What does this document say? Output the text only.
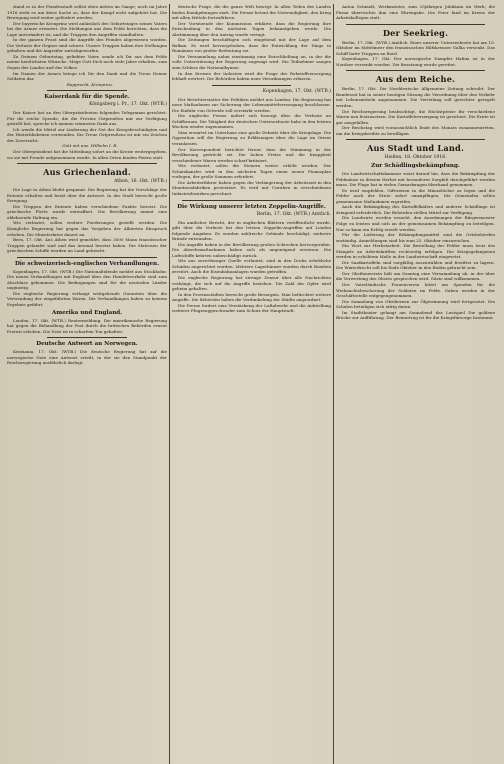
stand es in der Feindesstadt selbst eben mitten im Gange; noch im Jahre 1916 steht es um diese Sache so, dass der Kampf nicht aufgehört hat. Die Bewegung wird weiter gefördert werden.

Der bayerische Kronprinz wird anlässlich des Geburtstages seines Vaters bei der Armee erwartet. Die Meldungen aus dem Felde berichten, dass die Lage unverändert ist, und die Truppen den Angriffen standhalten.

In der ganzen Front sind die Angriffe des Feindes abgewiesen worden. Die Verluste der Gegner sind schwer. Unsere Truppen haben ihre Stellungen gehalten und die Angreifer zurückgeworfen.

Zu Deinem Geburtstag, geliebter Vater, sende ich Dir aus dem Felde meine herzlichsten Wünsche. Möge Gott Dich noch viele Jahre erhalten, zum Segen des Landes und des Volkes.

Im Namen der Armee bringe ich Dir den Dank und die Treue Deiner Soldaten dar.

Rupprecht, Kronprinz.

Kaiserdank für die Spende.
Königsberg i. Pr., 17. Okt. (WTB.)

Der Kaiser hat an den Oberpräsidenten folgendes Telegramm gerichtet: Für die reiche Spende, die die Provinz Ostpreußen mir zur Verfügung gestellt hat, spreche ich meinen wärmsten Dank aus.

Ich werde die Mittel zur Linderung der Not der Kriegsbeschädigten und der Hinterbliebenen verwenden. Die Treue Ostpreußens ist mir ein Zeichen der Zuversicht.

Gott mit uns. Wilhelm I. R.

Der Oberpräsident hat die Mitteilung sofort an die Kreise weitergegeben, wo sie mit Freude aufgenommen wurde. In allen Orten fanden Feiern statt.

Aus Griechenland.
Athen, 16. Okt. (WTB.)

Die Lage in Athen bleibt gespannt. Die Regierung hat die Vorschläge der Entente erhalten und berät über die Antwort. In der Stadt herrscht große Erregung.

Die Truppen der Entente haben verschiedene Punkte besetzt. Die griechische Flotte wurde entwaffnet. Die Bevölkerung nimmt eine ablehnende Haltung ein.

Wie verlautet, sollen weitere Forderungen gestellt werden. Die Königliche Regierung hat gegen das Vorgehen der Alliierten Einspruch erhoben. Die Ministerkrise dauert an.

Bern, 17. Okt. Aus Athen wird gemeldet, dass 3000 Mann französischer Truppen gelandet sind und das Arsenal besetzt haben. Die Matrosen der griechischen Schiffe wurden an Land gebracht.

Die schweizerisch-englischen Verhandlungen.

Kopenhagen, 17. Okt. (WTB.) Die Nationaltidende meldet aus Stockholm: Die neuen Verhandlungen mit England über den Handelsverkehr sind zum Abschluss gekommen. Die Bedingungen sind für die neutralen Länder ungünstig.

Die englische Regierung verlangt weitgehende Garantien über die Verwendung der eingeführten Waren. Die Verhandlungen haben zu keinem Ergebnis geführt.

Amerika und England.

London, 17. Okt. (WTB.) Reutermeldung. Die amerikanische Regierung hat gegen die Behandlung der Post durch die britischen Behörden erneut Protest erhoben. Die Note ist in scharfem Ton gehalten.

Deutsche Antwort an Norwegen.

Kristiania, 17. Okt. (WTB.) Die deutsche Regierung hat auf die norwegische Note eine Antwort erteilt, in der sie den Standpunkt der Reichsregierung ausführlich darlegt.

deutsche Frage, die die ganze Welt bewegt. In allen Teilen des Landes finden Kundgebungen statt. Die Presse betont die Notwendigkeit, den Krieg mit allen Mitteln fortzuführen.

Der Vorsitzende der Kommission erklärte, dass die Regierung ihre Entscheidung in den nächsten Tagen bekanntgeben werde. Die Abstimmung über den Antrag wurde vertagt.

Die Zeitungen beschäftigen sich eingehend mit der Lage auf dem Balkan. Es wird hervorgehoben, dass die Entwicklung der Dinge in Rumänien von großer Bedeutung sei.

Die Versammlung nahm einstimmig eine Entschließung an, in der die volle Unterstützung der Regierung zugesagt wird. Die Teilnehmer sangen zum Schluss die Nationalhymne.

In den Kreisen der Industrie wird die Frage der Rohstoffversorgung lebhaft erörtert. Die Behörden haben neue Verordnungen erlassen.

Kopenhagen, 17. Okt. (WTB.)

Der Berichterstatter der Politiken meldet aus London: Die Regierung hat neue Maßnahmen zur Sicherung der Lebensmittelversorgung beschlossen. Die Einfuhr von Getreide soll verstärkt werden.

Die englische Presse äußert sich besorgt über die Verluste an Schiffsraum. Die Tätigkeit der deutschen Unterseeboote habe in den letzten Wochen wieder zugenommen.

Man erwartet im Unterhaus eine große Debatte über die Kriegslage. Die Opposition will die Regierung zu Erklärungen über die Lage im Orient veranlassen.

Der Korrespondent berichtet ferner, dass die Stimmung in der Bevölkerung gedrückt sei. Die hohen Preise und die Knappheit verschiedener Waren werden scharf kritisiert.

Wie verlautet, sollen die Steuern weiter erhöht werden. Der Schatzkanzler wird in den nächsten Tagen einen neuen Finanzplan vorlegen, der große Summen erfordert.

Die Arbeiterführer haben gegen die Verlängerung der Arbeitszeit in den Munitionsfabriken protestiert. Es wird mit Unruhen in verschiedenen Industriebezirken gerechnet.

Die Wirkung unserer letzten Zeppelin-Angriffe.
Berlin, 17. Okt. (WTB.) Amtlich.

Ein amtlicher Bericht, der in englischen Blättern veröffentlicht wurde, gibt über die Verluste bei den letzten Zeppelin-Angriffen auf London folgende Angaben: Es wurden zahlreiche Gebäude beschädigt, mehrere Brände entstanden.

Die Angriffe haben in der Bevölkerung großen Schrecken hervorgerufen. Die Abwehrmaßnahmen haben sich als ungenügend erwiesen. Die Luftschiffe kehrten unbeschädigt zurück.

Wie aus zuverlässiger Quelle verlautet, sind in den Docks erhebliche Schäden angerichtet worden. Mehrere Lagerhäuser wurden durch Bomben zerstört. Auch die Eisenbahnanlagen wurden getroffen.

Die englische Regierung hat strenge Zensur über alle Nachrichten verhängt, die sich auf die Angriffe beziehen. Die Zahl der Opfer wird geheim gehalten.

In den Provinzstädten herrscht große Besorgnis. Man befürchtet weitere Angriffe. Die Behörden haben die Verdunkelung der Städte angeordnet.

Die Presse fordert eine Verstärkung der Luftabwehr und die Aufstellung weiterer Flugzeuggeschwader zum Schutz der Hauptstadt.

Anton Schmidt, Werkmeister, zum 25jährigen Jubiläum im Werk; die Firma überreichte ihm eine Ehrengabe. Die Feier fand im Kreise der Arbeitskollegen statt.

Der Seekrieg.

Berlin, 17. Okt. (WTB.) Amtlich. Eines unserer Unterseeboote hat am 15. Oktober im Mittelmeer den französischen Hilfskreuzer Gallia versenkt. Das Schiff hatte Truppen an Bord.

Kopenhagen, 17. Okt. Der norwegische Dampfer Hafnia ist in der Nordsee versenkt worden. Die Besatzung wurde gerettet.

Aus dem Reiche.

Berlin, 17. Okt. Die Norddeutsche Allgemeine Zeitung schreibt: Der Bundesrat hat in seiner heutigen Sitzung die Verordnung über den Verkehr mit Lebensmitteln angenommen. Die Verteilung soll gerechter geregelt werden.

Die Reichsregierung beabsichtigt, die Höchstpreise für verschiedene Waren neu festzusetzen. Die Kartoffelversorgung ist gesichert. Die Ernte ist gut ausgefallen.

Der Reichstag wird voraussichtlich Ende des Monats zusammentreten, um die Kriegskredite zu bewilligen.

Aus Stadt und Land.
Hießen, 18. Oktober 1916.
Zur Schädlingsbekämpfung.

Die Landwirtschaftskammer weist darauf hin, dass die Bekämpfung der Feldmäuse in diesem Herbst mit besonderer Sorgfalt durchgeführt werden muss. Die Plage hat in vielen Gemarkungen überhand genommen.

Es wird empfohlen, Giftweizen in die Mäuselöcher zu legen und die Felder nach der Ernte sofort umzupflügen. Die Gemeinden sollen gemeinsame Maßnahmen ergreifen.

Auch die Bekämpfung des Kartoffelkäfers und anderer Schädlinge ist dringend erforderlich. Die Behörden stellen Mittel zur Verfügung.

Die Landwirte werden ersucht, den Anordnungen der Bürgermeister Folge zu leisten und sich an der gemeinsamen Bekämpfung zu beteiligen. Nur so kann ein Erfolg erzielt werden.

Für die Lieferung der Bekämpfungsmittel sind die Ortsbehörden zuständig. Anmeldungen sind bis zum 25. Oktober einzureichen.

Ein Wort zur Herbstarbeit. Die Bestellung der Felder muss trotz des Mangels an Arbeitskräften rechtzeitig erfolgen. Die Kriegsgefangenen werden in erhöhtem Maße in der Landwirtschaft eingesetzt.

Die Saatkartoffeln sind sorgfältig auszuwählen und frostfrei zu lagern. Die Winterfrucht soll bis Ende Oktober in den Boden gebracht sein.

Der Obstbauverein hält am Sonntag eine Versammlung ab, in der über die Verwertung des Obstes gesprochen wird. Gäste sind willkommen.

Der Vaterländische Frauenverein bittet um Spenden für die Weihnachtsbescherung der Soldaten im Felde. Gaben werden in der Geschäftsstelle entgegengenommen.

Die Sammlung von Obstkernen zur Ölgewinnung wird fortgesetzt. Die Schulen beteiligen sich eifrig daran.

Im Stadttheater gelangt am Sonnabend das Lustspiel Die goldene Brücke zur Aufführung. Der Reinertrag ist für die Kriegsfürsorge bestimmt.
